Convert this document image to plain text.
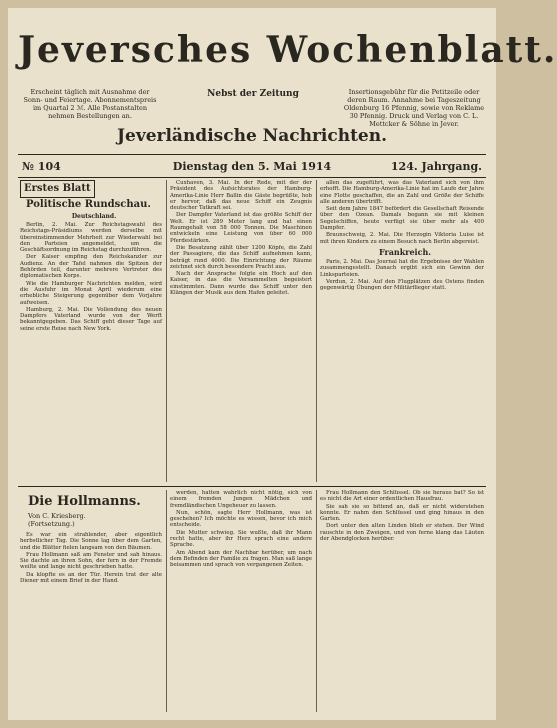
Jeversches Wochenblatt.
Erscheint täglich mit Ausnahme der Sonn- und Feiertage. Abonnementspreis im Quartal 2 ℳ. Alle Postanstalten nehmen Bestellungen an.
Nebst der Zeitung	Insertionsgebühr für die Petitzeile oder deren Raum. Annahme bei Tageszeitung Oldenburg 16 Pfennig, sowie von Reklame 30 Pfennig. Druck und Verlag von C. L. Mettcker & Söhne in Jever.
Jeverländische Nachrichten.
№ 104	Dienstag den 5. Mai 1914	124. Jahrgang.
Erstes Blatt

Politische Rundschau.

Deutschland.

Berlin, 2. Mai. Zur Reichstagswahl des Reichstags-Präsidiums werden derselbe mit übereinstimmender Mehrheit zur Wiederwahl bei den Parteien angemeldet, um die Geschäftsordnung im Reichstag durchzuführen.

Der Kaiser empfing den Reichskanzler zur Audienz. An der Tafel nahmen die Spitzen der Behörden teil, darunter mehrere Vertreter des diplomatischen Korps.

Wie die Hamburger Nachrichten melden, wird die Ausfuhr im Monat April wiederum eine erhebliche Steigerung gegenüber dem Vorjahre aufweisen.

Hamburg, 2. Mai. Die Vollendung des neuen Dampfers Vaterland wurde von der Werft bekanntgegeben. Das Schiff geht dieser Tage auf seine erste Reise nach New York.

Cuxhaven, 3. Mai. In der Rede, mit der der Präsident des Aufsichtsrates der Hamburg-Amerika-Linie Herr Ballin die Gäste begrüßte, hob er hervor, daß das neue Schiff ein Zeugnis deutscher Tatkraft sei.

Der Dampfer Vaterland ist das größte Schiff der Welt. Er ist 289 Meter lang und hat einen Raumgehalt von 58 000 Tonnen. Die Maschinen entwickeln eine Leistung von über 60 000 Pferdestärken.

Die Besatzung zählt über 1200 Köpfe, die Zahl der Passagiere, die das Schiff aufnehmen kann, beträgt rund 4000. Die Einrichtung der Räume zeichnet sich durch besondere Pracht aus.

Nach der Ansprache folgte ein Hoch auf den Kaiser, in das die Versammelten begeistert einstimmten. Dann wurde das Schiff unter den Klängen der Musik aus dem Hafen geleitet.

allen das zugeführt, was das Vaterland sich von ihm erhofft. Die Hamburg-Amerika-Linie hat im Laufe der Jahre eine Flotte geschaffen, die an Zahl und Größe der Schiffe alle anderen übertrifft.

Seit dem Jahre 1847 befördert die Gesellschaft Reisende über den Ozean. Damals begann sie mit kleinen Segelschiffen, heute verfügt sie über mehr als 400 Dampfer.

Braunschweig, 2. Mai. Die Herzogin Viktoria Luise ist mit ihren Kindern zu einem Besuch nach Berlin abgereist.

Frankreich.

Paris, 2. Mai. Das Journal hat die Ergebnisse der Wahlen zusammengestellt. Danach ergibt sich ein Gewinn der Linksparteien.

Verdun, 2. Mai. Auf den Flugplätzen des Ostens finden gegenwärtig Übungen der Militärflieger statt.

Die Hollmanns.
Von C. Kriesberg.
(Fortsetzung.)

Es war ein strahlender, aber eigentlich herbstlicher Tag. Die Sonne lag über dem Garten, und die Blätter fielen langsam von den Bäumen.

Frau Hollmann saß am Fenster und sah hinaus. Sie dachte an ihren Sohn, der fern in der Fremde weilte und lange nicht geschrieben hatte.

Da klopfte es an der Tür. Herein trat der alte Diener mit einem Brief in der Hand.

werden, hatten wahrlich nicht nötig, sich von einem fremden Jungen Mädchen und fremdländischen Ungeheuer zu lassen.

Nun, schön, sagte Herr Hollmann, was ist geschehen? Ich möchte es wissen, bevor ich mich entscheide.

Die Mutter schwieg. Sie wußte, daß ihr Mann recht hatte, aber ihr Herz sprach eine andere Sprache.

Am Abend kam der Nachbar herüber, um nach dem Befinden der Familie zu fragen. Man saß lange beisammen und sprach von vergangenen Zeiten.

Frau Hollmann den Schlüssel. Ob sie heraus bat? So ist es nicht die Art einer ordentlichen Hausfrau.

Sie sah sie so bittend an, daß er nicht widerstehen konnte. Er nahm den Schlüssel und ging hinaus in den Garten.

Dort unter den alten Linden blieb er stehen. Der Wind rauschte in den Zweigen, und von ferne klang das Läuten der Abendglocken herüber.
